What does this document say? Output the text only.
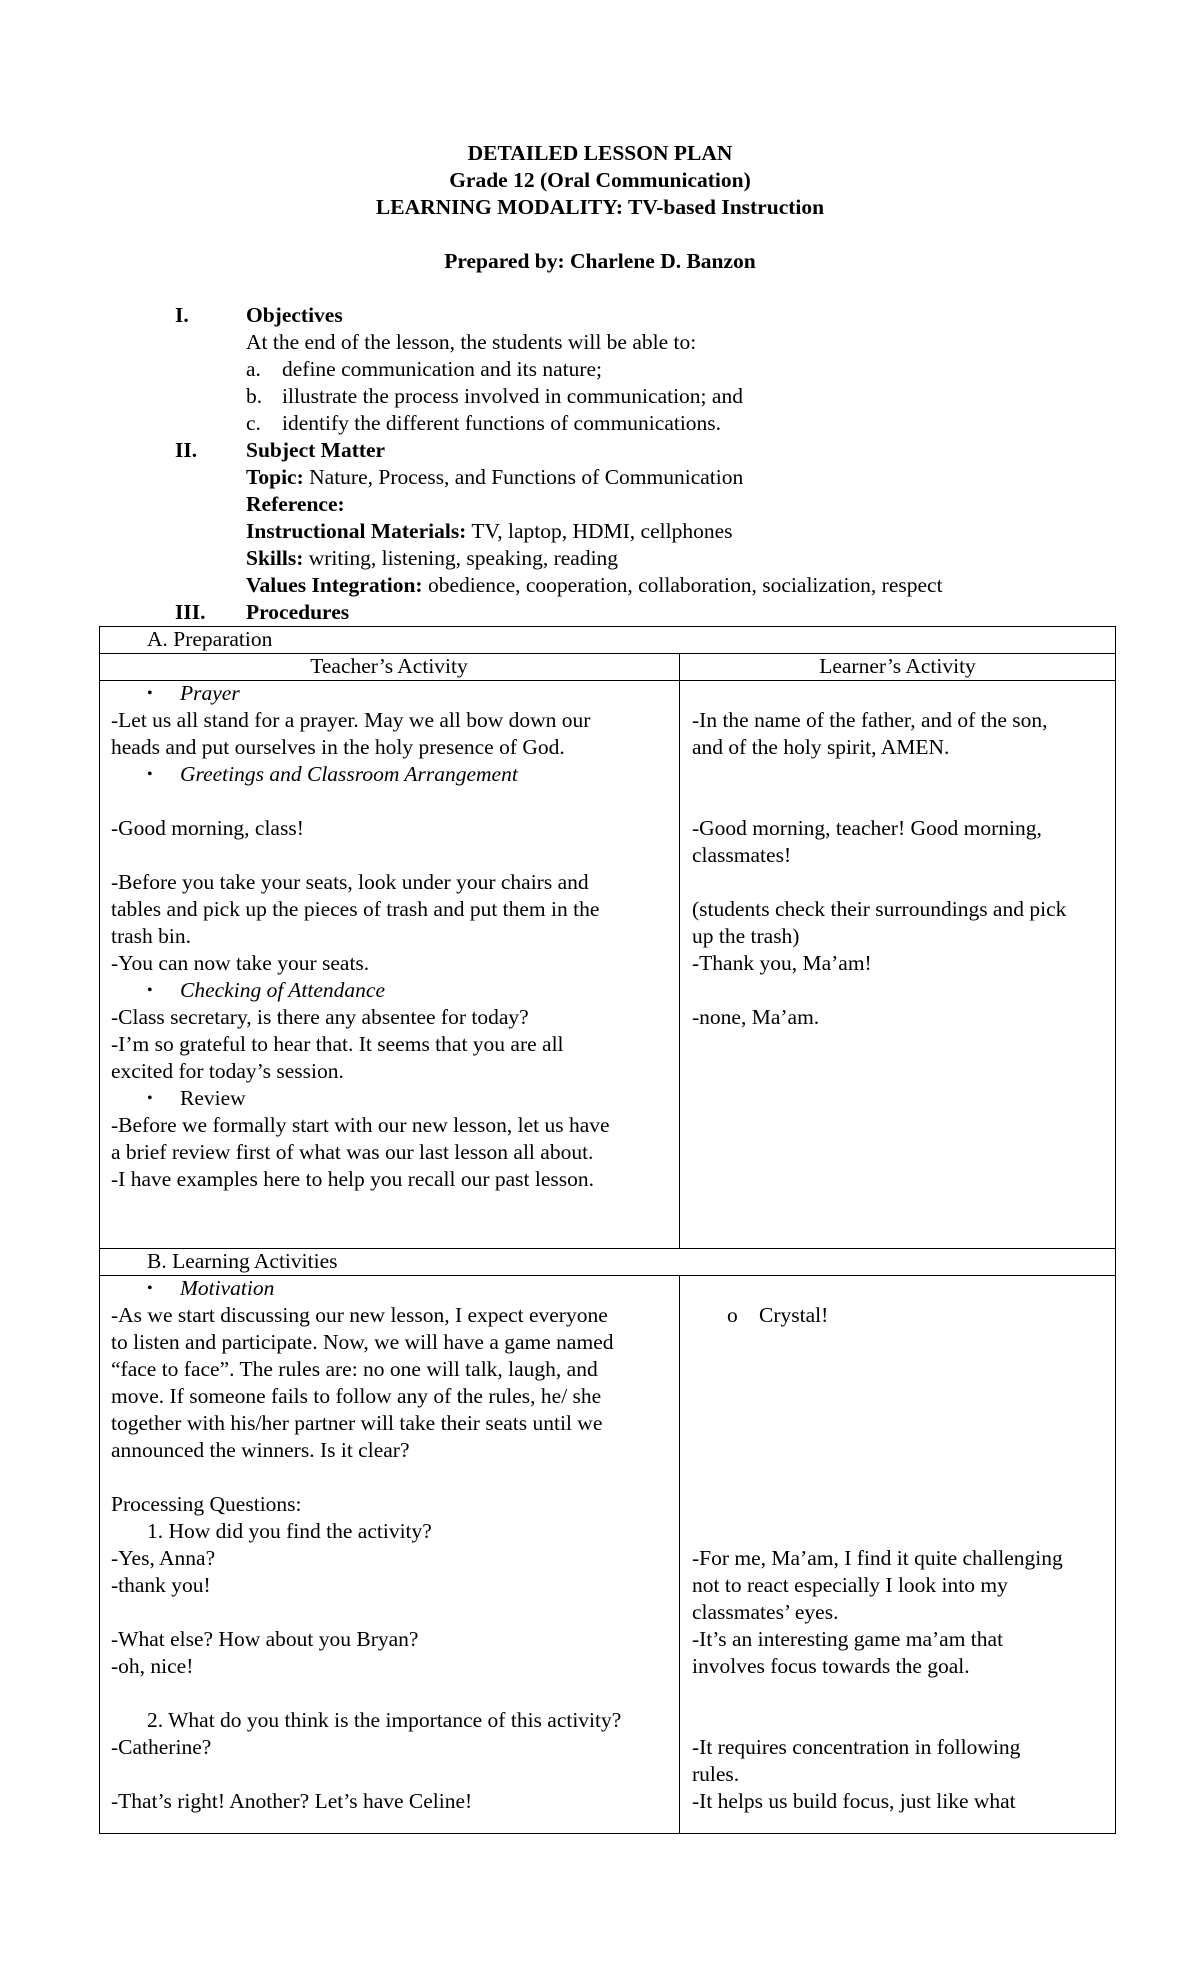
DETAILED LESSON PLAN
Grade 12 (Oral Communication)
LEARNING MODALITY: TV-based Instruction
Prepared by: Charlene D. Banzon
I.	Objectives
At the end of the lesson, the students will be able to:
a. define communication and its nature;
b. illustrate the process involved in communication; and
c. identify the different functions of communications.
II. Subject Matter
Topic: Nature, Process, and Functions of Communication
Reference:
Instructional Materials: TV, laptop, HDMI, cellphones
Skills: writing, listening, speaking, reading
Values Integration: obedience, cooperation, collaboration, socialization, respect
III. Procedures
A. Preparation
Teacher’s Activity	Learner’s Activity
B. Learning Activities
• Prayer
-Let us all stand for a prayer. May we all bow down our
heads and put ourselves in the holy presence of God.
• Greetings and Classroom Arrangement
-Good morning, class!
-Before you take your seats, look under your chairs and
tables and pick up the pieces of trash and put them in the
trash bin.
-You can now take your seats.
• Checking of Attendance
-Class secretary, is there any absentee for today?
-I’m so grateful to hear that. It seems that you are all
excited for today’s session.
• Review
-Before we formally start with our new lesson, let us have
a brief review first of what was our last lesson all about.
-I have examples here to help you recall our past lesson.
-In the name of the father, and of the son,
and of the holy spirit, AMEN.
-Good morning, teacher! Good morning,
classmates!
(students check their surroundings and pick
up the trash)
-Thank you, Ma’am!
-none, Ma’am.
• Motivation
-As we start discussing our new lesson, I expect everyone
to listen and participate. Now, we will have a game named
“face to face”. The rules are: no one will talk, laugh, and
move. If someone fails to follow any of the rules, he/ she
together with his/her partner will take their seats until we
announced the winners. Is it clear?
Processing Questions:
1. How did you find the activity?
-Yes, Anna?
-thank you!
-What else? How about you Bryan?
-oh, nice!
2. What do you think is the importance of this activity?
-Catherine?
-That’s right! Another? Let’s have Celine!
o Crystal!
-For me, Ma’am, I find it quite challenging
not to react especially I look into my
classmates’ eyes.
-It’s an interesting game ma’am that
involves focus towards the goal.
-It requires concentration in following
rules.
-It helps us build focus, just like what
